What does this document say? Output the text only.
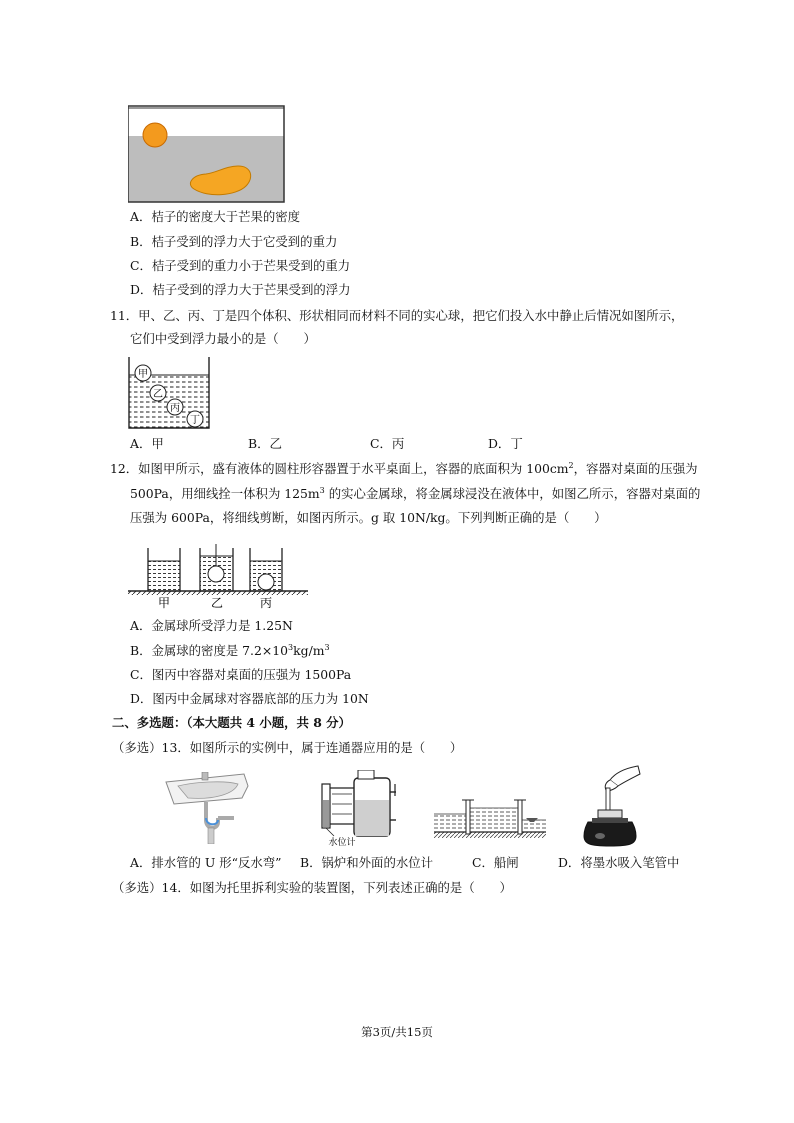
A．桔子的密度大于芒果的密度
B．桔子受到的浮力大于它受到的重力
C．桔子受到的重力小于芒果受到的重力
D．桔子受到的浮力大于芒果受到的浮力
11．甲、乙、丙、丁是四个体积、形状相同而材料不同的实心球，把它们投入水中静止后情况如图所示，
它们中受到浮力最小的是（　　）
甲
乙
丙
丁
A．甲	B．乙	C．丙	D．丁
12．如图甲所示，盛有液体的圆柱形容器置于水平桌面上，容器的底面积为 $100cm^2$，容器对桌面的压强为
500Pa，用细线拴一体积为 $125m^3$ 的实心金属球，将金属球浸没在液体中，如图乙所示，容器对桌面的
压强为 600Pa，将细线剪断，如图丙所示。g 取 10N/kg。下列判断正确的是（　　）
甲	乙	丙
A．金属球所受浮力是 1.25N
B．金属球的密度是 $7.2\times 10^3kg/m^3$
C．图丙中容器对桌面的压强为 1500Pa
D．图丙中金属球对容器底部的压力为 10N
二、多选题：（本大题共 4 小题，共 8 分）
（多选）13．如图所示的实例中，属于连通器应用的是（　　）
水位计
A．排水管的 U 形“反水弯” B．锅炉和外面的水位计	C．船闸	D．将墨水吸入笔管中
（多选）14．如图为托里拆利实验的装置图，下列表述正确的是（　　）
第3页/共15页
